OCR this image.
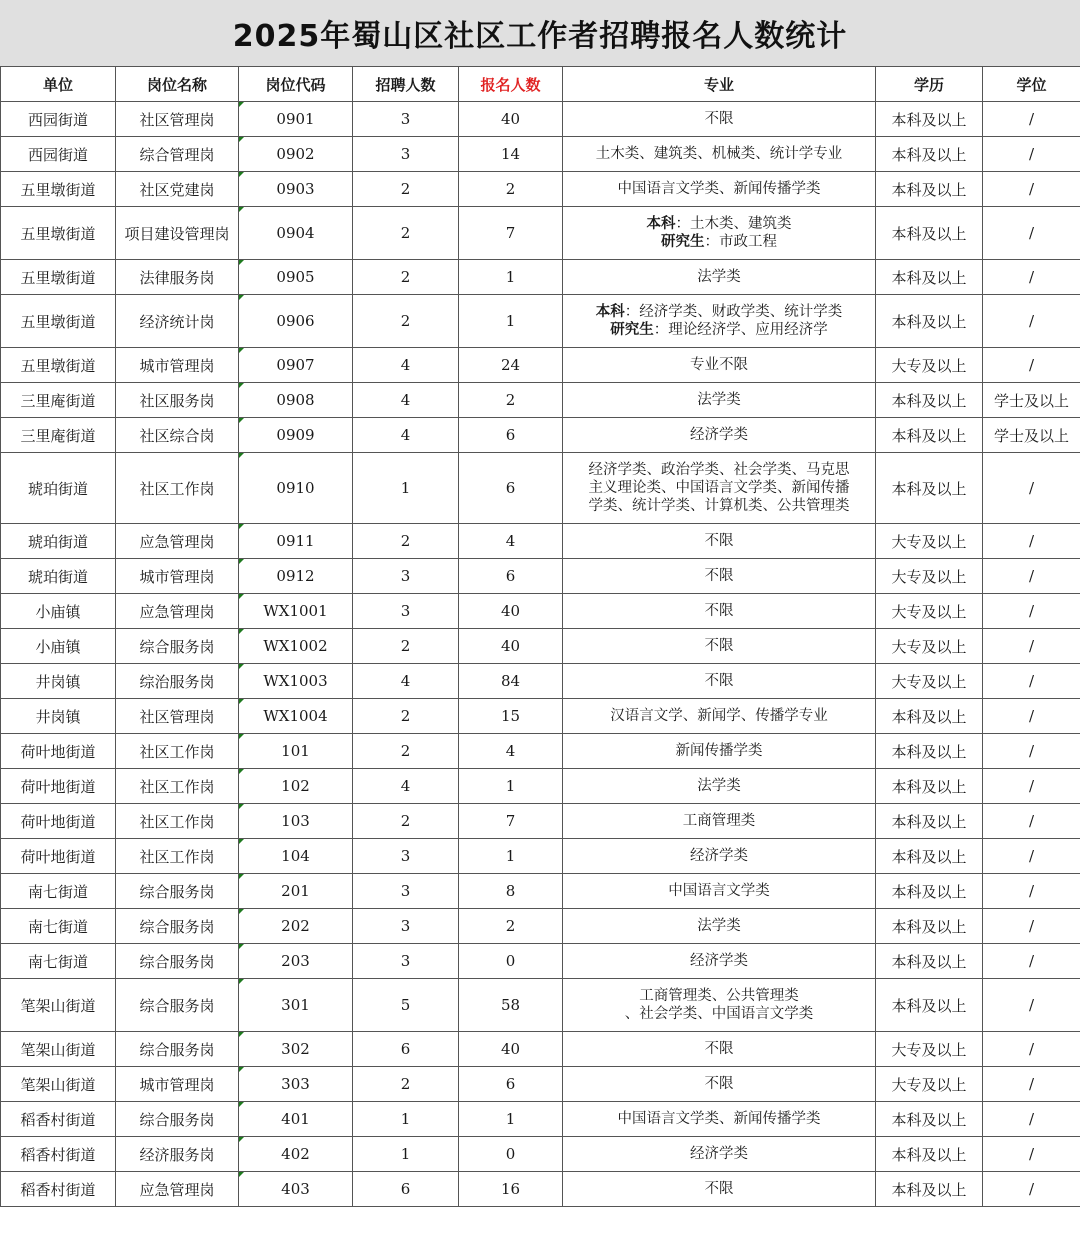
2025年蜀山区社区工作者招聘报名人数统计
单位	岗位名称	岗位代码	招聘人数	报名人数	专业	学历	学位
西园街道	社区管理岗	0901	3	40	不限	本科及以上	/
西园街道	综合管理岗	0902	3	14	土木类、建筑类、机械类、统计学专业	本科及以上	/
五里墩街道	社区党建岗	0903	2	2	中国语言文学类、新闻传播学类	本科及以上	/
五里墩街道	项目建设管理岗	0904	2	7	本科：土木类、建筑类
研究生：市政工程	本科及以上	/
五里墩街道	法律服务岗	0905	2	1	法学类	本科及以上	/
五里墩街道	经济统计岗	0906	2	1	本科：经济学类、财政学类、统计学类
研究生：理论经济学、应用经济学	本科及以上	/
五里墩街道	城市管理岗	0907	4	24	专业不限	大专及以上	/
三里庵街道	社区服务岗	0908	4	2	法学类	本科及以上	学士及以上
三里庵街道	社区综合岗	0909	4	6	经济学类	本科及以上	学士及以上
琥珀街道	社区工作岗	0910	1	6	经济学类、政治学类、社会学类、马克思
主义理论类、中国语言文学类、新闻传播
学类、统计学类、计算机类、公共管理类	本科及以上	/
琥珀街道	应急管理岗	0911	2	4	不限	大专及以上	/
琥珀街道	城市管理岗	0912	3	6	不限	大专及以上	/
小庙镇	应急管理岗	WX1001	3	40	不限	大专及以上	/
小庙镇	综合服务岗	WX1002	2	40	不限	大专及以上	/
井岗镇	综治服务岗	WX1003	4	84	不限	大专及以上	/
井岗镇	社区管理岗	WX1004	2	15	汉语言文学、新闻学、传播学专业	本科及以上	/
荷叶地街道	社区工作岗	101	2	4	新闻传播学类	本科及以上	/
荷叶地街道	社区工作岗	102	4	1	法学类	本科及以上	/
荷叶地街道	社区工作岗	103	2	7	工商管理类	本科及以上	/
荷叶地街道	社区工作岗	104	3	1	经济学类	本科及以上	/
南七街道	综合服务岗	201	3	8	中国语言文学类	本科及以上	/
南七街道	综合服务岗	202	3	2	法学类	本科及以上	/
南七街道	综合服务岗	203	3	0	经济学类	本科及以上	/
笔架山街道	综合服务岗	301	5	58	工商管理类、公共管理类
、社会学类、中国语言文学类	本科及以上	/
笔架山街道	综合服务岗	302	6	40	不限	大专及以上	/
笔架山街道	城市管理岗	303	2	6	不限	大专及以上	/
稻香村街道	综合服务岗	401	1	1	中国语言文学类、新闻传播学类	本科及以上	/
稻香村街道	经济服务岗	402	1	0	经济学类	本科及以上	/
稻香村街道	应急管理岗	403	6	16	不限	本科及以上	/
